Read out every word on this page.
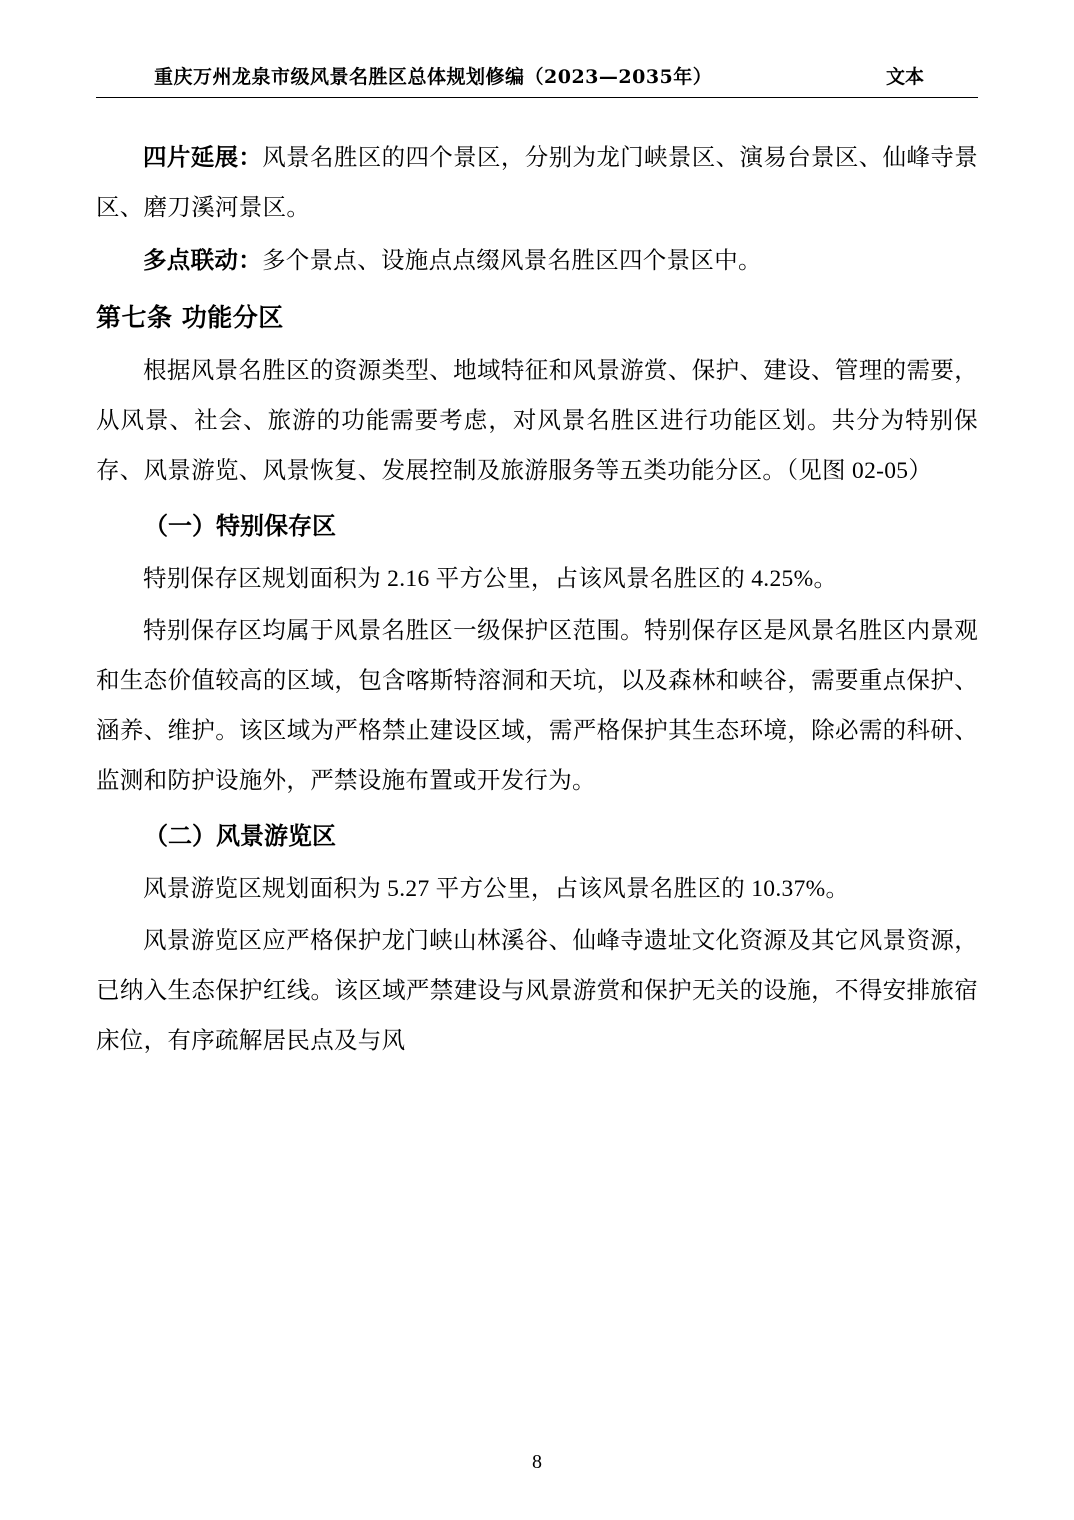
重庆万州龙泉市级风景名胜区总体规划修编（2023—2035年）	文本

四片延展：风景名胜区的四个景区，分别为龙门峡景区、演易台景区、仙峰寺景区、磨刀溪河景区。

多点联动：多个景点、设施点点缀风景名胜区四个景区中。

第七条 功能分区

根据风景名胜区的资源类型、地域特征和风景游赏、保护、建设、管理的需要，从风景、社会、旅游的功能需要考虑，对风景名胜区进行功能区划。共分为特别保存、风景游览、风景恢复、发展控制及旅游服务等五类功能分区。（见图 02-05）

（一）特别保存区

特别保存区规划面积为 2.16 平方公里，占该风景名胜区的 4.25%。

特别保存区均属于风景名胜区一级保护区范围。特别保存区是风景名胜区内景观和生态价值较高的区域，包含喀斯特溶洞和天坑，以及森林和峡谷，需要重点保护、涵养、维护。该区域为严格禁止建设区域，需严格保护其生态环境，除必需的科研、监测和防护设施外，严禁设施布置或开发行为。

（二）风景游览区

风景游览区规划面积为 5.27 平方公里，占该风景名胜区的 10.37%。

风景游览区应严格保护龙门峡山林溪谷、仙峰寺遗址文化资源及其它风景资源，已纳入生态保护红线。该区域严禁建设与风景游赏和保护无关的设施，不得安排旅宿床位，有序疏解居民点及与风

8
